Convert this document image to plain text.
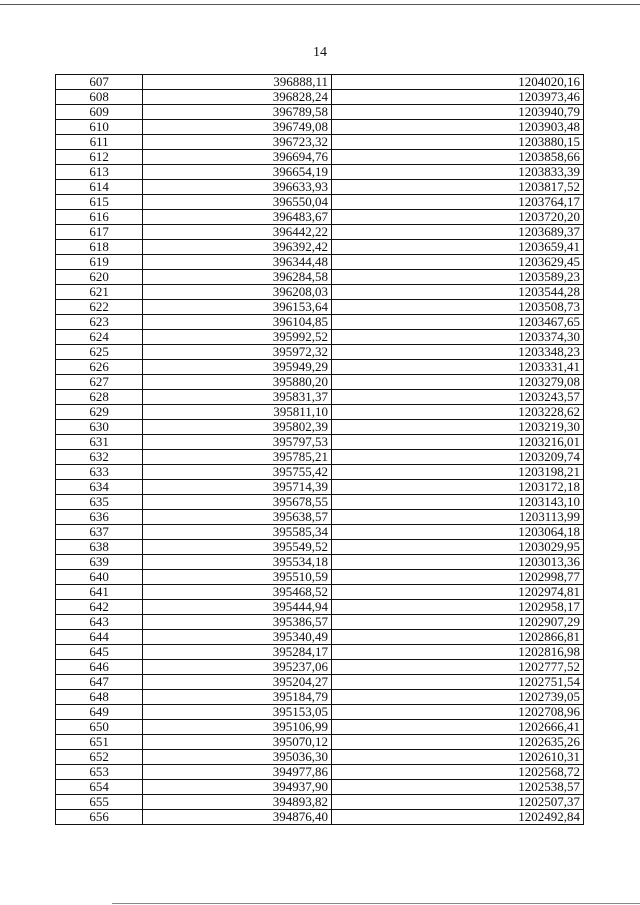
14
607	396888,11	1204020,16
608	396828,24	1203973,46
609	396789,58	1203940,79
610	396749,08	1203903,48
611	396723,32	1203880,15
612	396694,76	1203858,66
613	396654,19	1203833,39
614	396633,93	1203817,52
615	396550,04	1203764,17
616	396483,67	1203720,20
617	396442,22	1203689,37
618	396392,42	1203659,41
619	396344,48	1203629,45
620	396284,58	1203589,23
621	396208,03	1203544,28
622	396153,64	1203508,73
623	396104,85	1203467,65
624	395992,52	1203374,30
625	395972,32	1203348,23
626	395949,29	1203331,41
627	395880,20	1203279,08
628	395831,37	1203243,57
629	395811,10	1203228,62
630	395802,39	1203219,30
631	395797,53	1203216,01
632	395785,21	1203209,74
633	395755,42	1203198,21
634	395714,39	1203172,18
635	395678,55	1203143,10
636	395638,57	1203113,99
637	395585,34	1203064,18
638	395549,52	1203029,95
639	395534,18	1203013,36
640	395510,59	1202998,77
641	395468,52	1202974,81
642	395444,94	1202958,17
643	395386,57	1202907,29
644	395340,49	1202866,81
645	395284,17	1202816,98
646	395237,06	1202777,52
647	395204,27	1202751,54
648	395184,79	1202739,05
649	395153,05	1202708,96
650	395106,99	1202666,41
651	395070,12	1202635,26
652	395036,30	1202610,31
653	394977,86	1202568,72
654	394937,90	1202538,57
655	394893,82	1202507,37
656	394876,40	1202492,84
